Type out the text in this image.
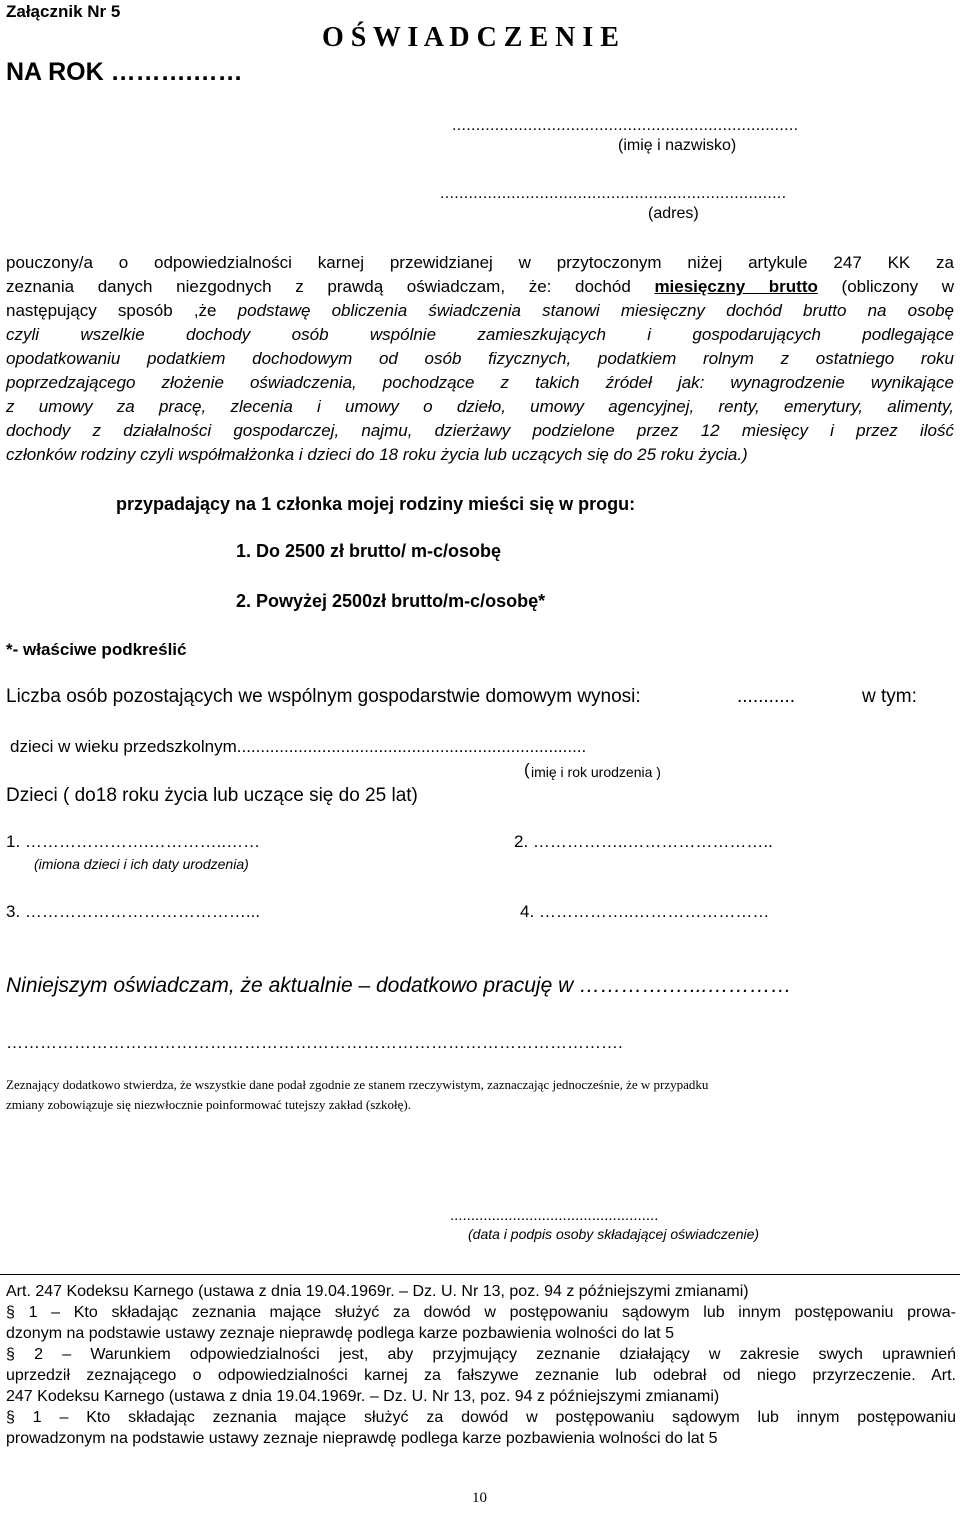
Załącznik Nr 5
O Ś W I A D C Z E N I E
NA ROK ……….……
.........................................................................
(imię i nazwisko)
.........................................................................
(adres)
pouczony/a o odpowiedzialności karnej przewidzianej w przytoczonym niżej artykule 247 KK za
zeznania danych niezgodnych z prawdą oświadczam, że: dochód miesięczny brutto (obliczony w
następujący sposób ,że podstawę obliczenia świadczenia stanowi miesięczny dochód brutto na osobę
czyli wszelkie dochody osób wspólnie zamieszkujących i gospodarujących podlegające
opodatkowaniu podatkiem dochodowym od osób fizycznych, podatkiem rolnym z ostatniego roku
poprzedzającego złożenie oświadczenia, pochodzące z takich źródeł jak: wynagrodzenie wynikające
z umowy za pracę, zlecenia i umowy o dzieło, umowy agencyjnej, renty, emerytury, alimenty,
dochody z działalności gospodarczej, najmu, dzierżawy podzielone przez 12 miesięcy i przez ilość
członków rodziny czyli współmałżonka i dzieci do 18 roku życia lub uczących się do 25 roku życia.)
przypadający na 1 członka mojej rodziny mieści się w progu:
1. Do 2500 zł brutto/ m-c/osobę
2. Powyżej 2500zł brutto/m-c/osobę*
*- właściwe podkreślić
Liczba osób pozostających we wspólnym gospodarstwie domowym wynosi:	...........	w tym:
dzieci w wieku przedszkolnym..........................................................................
( imię i rok urodzenia )
Dzieci ( do18 roku życia lub uczące się do 25 lat)
1. ………………….…………..……	2. ……………..……………………..
(imiona dzieci i ich daty urodzenia)
3. …………………………………...	4. ……………..……………………
Niniejszym oświadczam, że aktualnie – dodatkowo pracuję w ………….…...…………
……………………………………………………………………………………………….
Zeznający dodatkowo stwierdza, że wszystkie dane podał zgodnie ze stanem rzeczywistym, zaznaczając jednocześnie, że w przypadku
zmiany zobowiązuje się niezwłocznie poinformować tutejszy zakład (szkołę).
..................................................
(data i podpis osoby składającej oświadczenie)
Art. 247 Kodeksu Karnego (ustawa z dnia 19.04.1969r. – Dz. U. Nr 13, poz. 94 z późniejszymi zmianami)
§ 1 – Kto składając zeznania mające służyć za dowód w postępowaniu sądowym lub innym postępowaniu prowa-
dzonym na podstawie ustawy zeznaje nieprawdę podlega karze pozbawienia wolności do lat 5
§ 2 – Warunkiem odpowiedzialności jest, aby przyjmujący zeznanie działający w zakresie swych uprawnień
uprzedził zeznającego o odpowiedzialności karnej za fałszywe zeznanie lub odebrał od niego przyrzeczenie. Art.
247 Kodeksu Karnego (ustawa z dnia 19.04.1969r. – Dz. U. Nr 13, poz. 94 z późniejszymi zmianami)
§ 1 – Kto składając zeznania mające służyć za dowód w postępowaniu sądowym lub innym postępowaniu
prowadzonym na podstawie ustawy zeznaje nieprawdę podlega karze pozbawienia wolności do lat 5
10
